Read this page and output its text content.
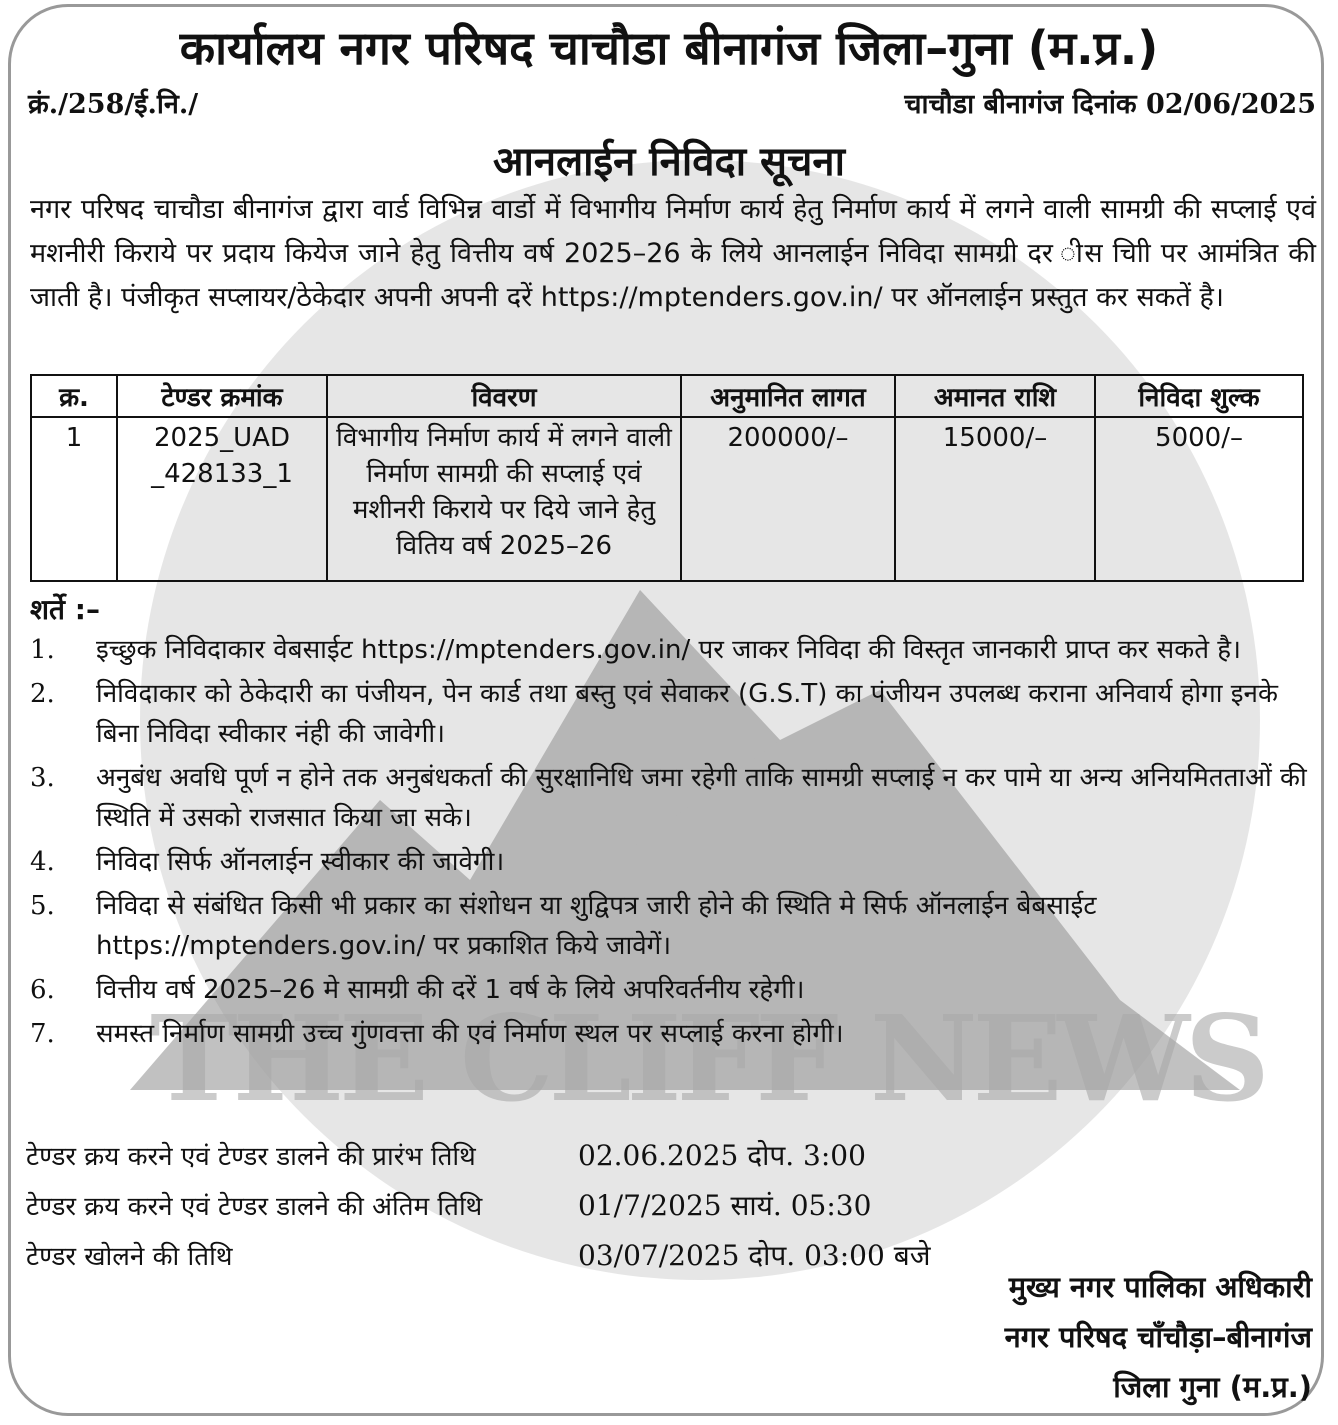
THE CLIFF NEWS
कार्यालय नगर परिषद चाचौडा बीनागंज जिला–गुना (म.प्र.)
क्रं./258/ई.नि./	चाचौडा बीनागंज दिनांक 02/06/2025
आनलाईन निविदा सूचना
नगर परिषद चाचौडा बीनागंज द्वारा वार्ड विभिन्न वार्डो में विभागीय निर्माण कार्य हेतु निर्माण कार्य में लगने वाली सामग्री की सप्लाई एवं मशनीरी किराये पर प्रदाय कियेज जाने हेतु वित्तीय वर्ष 2025–26 के लिये आनलाईन निविदा सामग्री दर ीस चिाी पर आमंत्रित की जाती है। पंजीकृत सप्लायर/ठेकेदार अपनी अपनी दरें https://mptenders.gov.in/ पर ऑनलाईन प्रस्तुत कर सकतें है।
क्र.	टेण्डर क्रमांक	विवरण	अनुमानित लागत	अमानत राशि	निविदा शुल्क
1	2025_UAD _428133_1	विभागीय निर्माण कार्य में लगने वाली निर्माण सामग्री की सप्लाई एवं मशीनरी किराये पर दिये जाने हेतु वितिय वर्ष 2025–26	200000/–	15000/–	5000/–
शर्ते :–
1.	इच्छुक निविदाकार वेबसाईट https://mptenders.gov.in/ पर जाकर निविदा की विस्तृत जानकारी प्राप्त कर सकते है।
2.	निविदाकार को ठेकेदारी का पंजीयन, पेन कार्ड तथा बस्तु एवं सेवाकर (G.S.T) का पंजीयन उपलब्ध कराना अनिवार्य होगा इनके बिना निविदा स्वीकार नंही की जावेगी।
3.	अनुबंध अवधि पूर्ण न होने तक अनुबंधकर्ता की सुरक्षानिधि जमा रहेगी ताकि सामग्री सप्लाई न कर पामे या अन्य अनियमितताओं की स्थिति में उसको राजसात किया जा सके।
4.	निविदा सिर्फ ऑनलाईन स्वीकार की जावेगी।
5.	निविदा से संबंधित किसी भी प्रकार का संशोधन या शुद्विपत्र जारी होने की स्थिति मे सिर्फ ऑनलाईन बेबसाईट https://mptenders.gov.in/ पर प्रकाशित किये जावेगें।
6.	वित्तीय वर्ष 2025–26 मे सामग्री की दरें 1 वर्ष के लिये अपरिवर्तनीय रहेगी।
7.	समस्त निर्माण सामग्री उच्च गुंणवत्ता की एवं निर्माण स्थल पर सप्लाई करना होगी।
टेण्डर क्रय करने एवं टेण्डर डालने की प्रारंभ तिथि	02.06.2025 दोप. 3:00
टेण्डर क्रय करने एवं टेण्डर डालने की अंतिम तिथि	01/7/2025 सायं. 05:30
टेण्डर खोलने की तिथि	03/07/2025 दोप. 03:00 बजे
मुख्य नगर पालिका अधिकारी
नगर परिषद चाँचौड़ा–बीनागंज
जिला गुना (म.प्र.)
